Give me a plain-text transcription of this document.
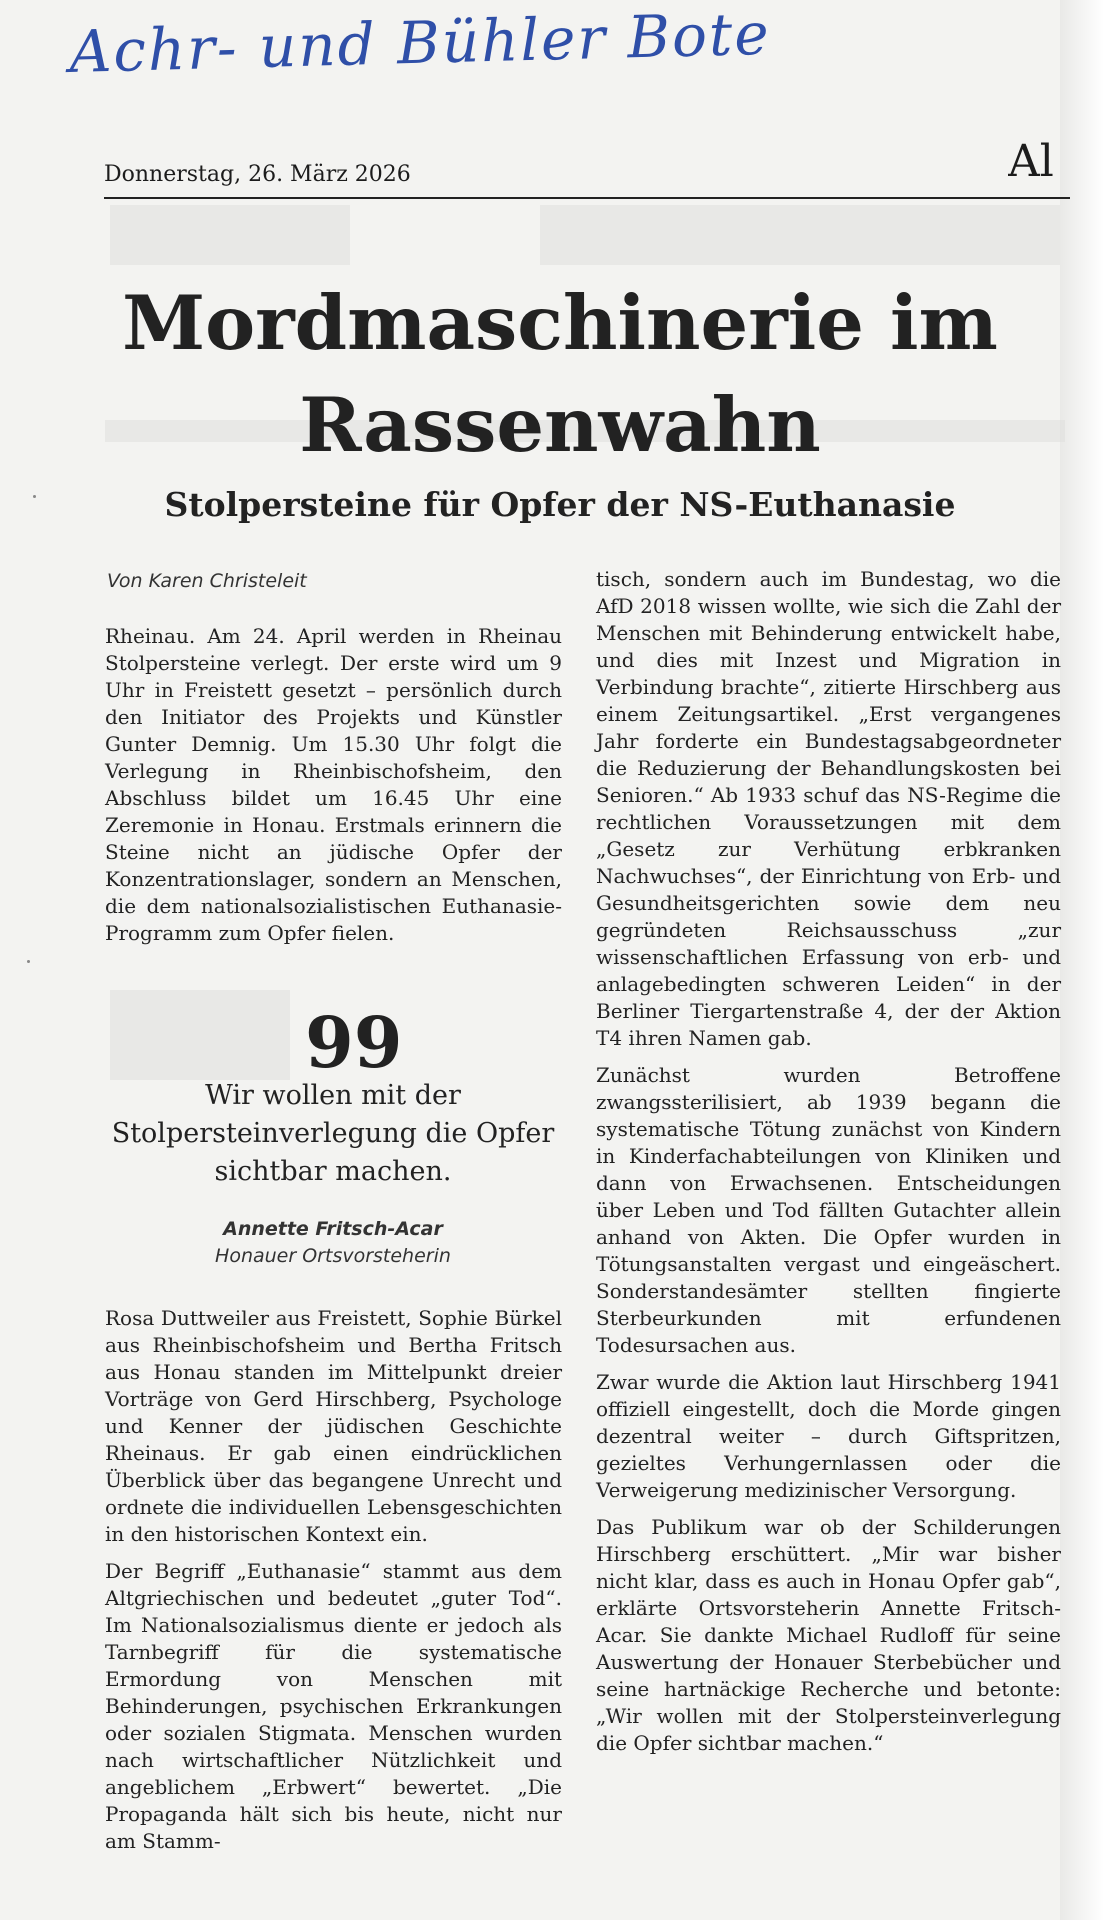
Achr- und Bühler Bote
Donnerstag, 26. März 2026	Al
Mordmaschinerie im Rassenwahn
Stolpersteine für Opfer der NS-Euthanasie
Von Karen Christeleit

Rheinau. Am 24. April werden in Rheinau Stolpersteine verlegt. Der erste wird um 9 Uhr in Freistett gesetzt – persönlich durch den Initiator des Projekts und Künstler Gunter Demnig. Um 15.30 Uhr folgt die Verlegung in Rheinbischofsheim, den Abschluss bildet um 16.45 Uhr eine Zeremonie in Honau. Erstmals erinnern die Steine nicht an jüdische Opfer der Konzentrationslager, sondern an Menschen, die dem nationalsozialistischen Euthanasie-Programm zum Opfer fielen.

99
Wir wollen mit der Stolpersteinverlegung die Opfer sichtbar machen.
Annette Fritsch-Acar
Honauer Ortsvorsteherin

Rosa Duttweiler aus Freistett, Sophie Bürkel aus Rheinbischofsheim und Bertha Fritsch aus Honau standen im Mittelpunkt dreier Vorträge von Gerd Hirschberg, Psychologe und Kenner der jüdischen Geschichte Rheinaus. Er gab einen eindrücklichen Überblick über das begangene Unrecht und ordnete die individuellen Lebensgeschichten in den historischen Kontext ein.

Der Begriff „Euthanasie“ stammt aus dem Altgriechischen und bedeutet „guter Tod“. Im Nationalsozialismus diente er jedoch als Tarnbegriff für die systematische Ermordung von Menschen mit Behinderungen, psychischen Erkrankungen oder sozialen Stigmata. Menschen wurden nach wirtschaftlicher Nützlichkeit und angeblichem „Erbwert“ bewertet. „Die Propaganda hält sich bis heute, nicht nur am Stamm-

tisch, sondern auch im Bundestag, wo die AfD 2018 wissen wollte, wie sich die Zahl der Menschen mit Behinderung entwickelt habe, und dies mit Inzest und Migration in Verbindung brachte“, zitierte Hirschberg aus einem Zeitungsartikel. „Erst vergangenes Jahr forderte ein Bundestagsabgeordneter die Reduzierung der Behandlungskosten bei Senioren.“ Ab 1933 schuf das NS-Regime die rechtlichen Voraussetzungen mit dem „Gesetz zur Verhütung erbkranken Nachwuchses“, der Einrichtung von Erb- und Gesundheitsgerichten sowie dem neu gegründeten Reichsausschuss „zur wissenschaftlichen Erfassung von erb- und anlagebedingten schweren Leiden“ in der Berliner Tiergartenstraße 4, der der Aktion T4 ihren Namen gab.

Zunächst wurden Betroffene zwangssterilisiert, ab 1939 begann die systematische Tötung zunächst von Kindern in Kinderfachabteilungen von Kliniken und dann von Erwachsenen. Entscheidungen über Leben und Tod fällten Gutachter allein anhand von Akten. Die Opfer wurden in Tötungsanstalten vergast und eingeäschert. Sonderstandesämter stellten fingierte Sterbeurkunden mit erfundenen Todesursachen aus.

Zwar wurde die Aktion laut Hirschberg 1941 offiziell eingestellt, doch die Morde gingen dezentral weiter – durch Giftspritzen, gezieltes Verhungernlassen oder die Verweigerung medizinischer Versorgung.

Das Publikum war ob der Schilderungen Hirschberg erschüttert. „Mir war bisher nicht klar, dass es auch in Honau Opfer gab“, erklärte Ortsvorsteherin Annette Fritsch-Acar. Sie dankte Michael Rudloff für seine Auswertung der Honauer Sterbebücher und seine hartnäckige Recherche und betonte: „Wir wollen mit der Stolpersteinverlegung die Opfer sichtbar machen.“
